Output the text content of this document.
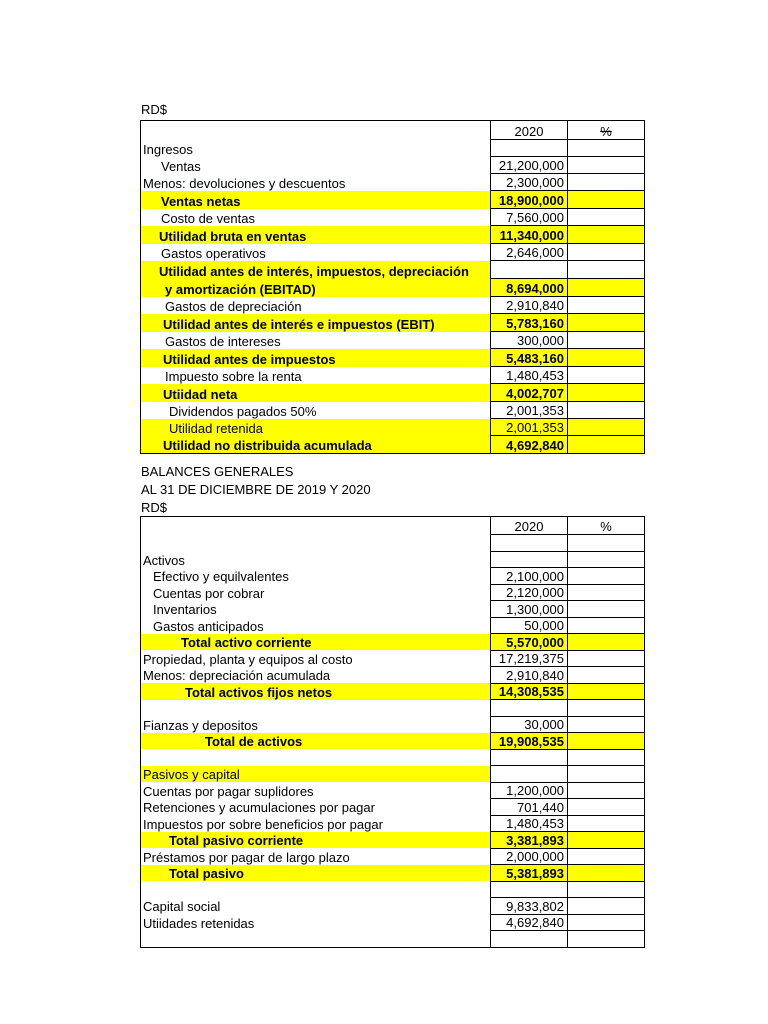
RD$
	2020	%
Ingresos		
Ventas	21,200,000	
Menos: devoluciones y descuentos	2,300,000	
Ventas netas	18,900,000	
Costo de ventas	7,560,000	
Utilidad bruta en ventas	11,340,000	
Gastos operativos	2,646,000	
Utilidad antes de interés, impuestos, depreciación		
y amortización (EBITAD)	8,694,000	
Gastos de depreciación	2,910,840	
Utilidad antes de interés e impuestos (EBIT)	5,783,160	
Gastos de intereses	300,000	
Utilidad antes de impuestos	5,483,160	
Impuesto sobre la renta	1,480,453	
Utiidad neta	4,002,707	
Dividendos pagados 50%	2,001,353	
Utilidad retenida	2,001,353	
Utilidad no distribuida acumulada	4,692,840	
BALANCES GENERALES
AL 31 DE DICIEMBRE DE 2019 Y 2020
RD$
	2020	%

Activos		
Efectivo y equilvalentes	2,100,000	
Cuentas por cobrar	2,120,000	
Inventarios	1,300,000	
Gastos anticipados	50,000	
Total activo corriente	5,570,000	
Propiedad, planta y equipos al costo	17,219,375	
Menos: depreciación acumulada	2,910,840	
Total activos fijos netos	14,308,535	

Fianzas y depositos	30,000	
Total de activos	19,908,535	

Pasivos y capital		
Cuentas por pagar suplidores	1,200,000	
Retenciones y acumulaciones por pagar	701,440	
Impuestos por sobre beneficios por pagar	1,480,453	
Total pasivo corriente	3,381,893	
Préstamos por pagar de largo plazo	2,000,000	
Total pasivo	5,381,893	

Capital social	9,833,802	
Utiidades retenidas	4,692,840	
